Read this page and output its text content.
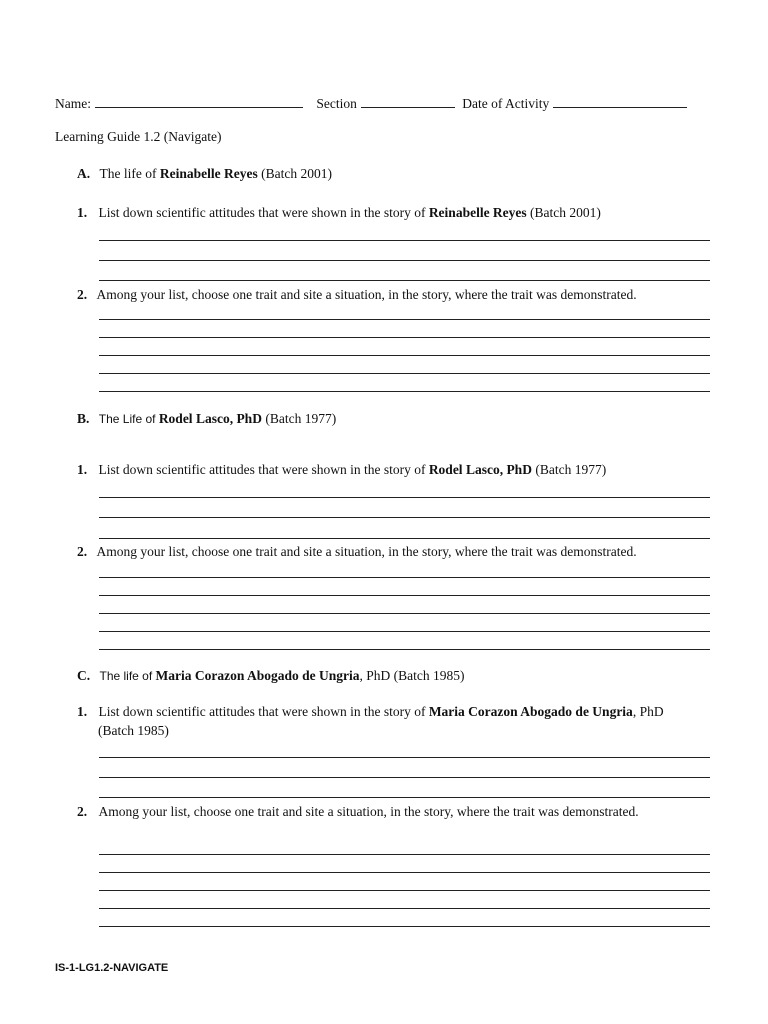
Name:	Section	Date of Activity
Learning Guide 1.2 (Navigate)
A. The life of Reinabelle Reyes (Batch 2001)
1. List down scientific attitudes that were shown in the story of Reinabelle Reyes (Batch 2001)
2. Among your list, choose one trait and site a situation, in the story, where the trait was demonstrated.
B. The Life of Rodel Lasco, PhD (Batch 1977)
1. List down scientific attitudes that were shown in the story of Rodel Lasco, PhD (Batch 1977)
2. Among your list, choose one trait and site a situation, in the story, where the trait was demonstrated.
C. The life of Maria Corazon Abogado de Ungria, PhD (Batch 1985)
1. List down scientific attitudes that were shown in the story of Maria Corazon Abogado de Ungria, PhD
(Batch 1985)
2. Among your list, choose one trait and site a situation, in the story, where the trait was demonstrated.
IS-1-LG1.2-NAVIGATE
